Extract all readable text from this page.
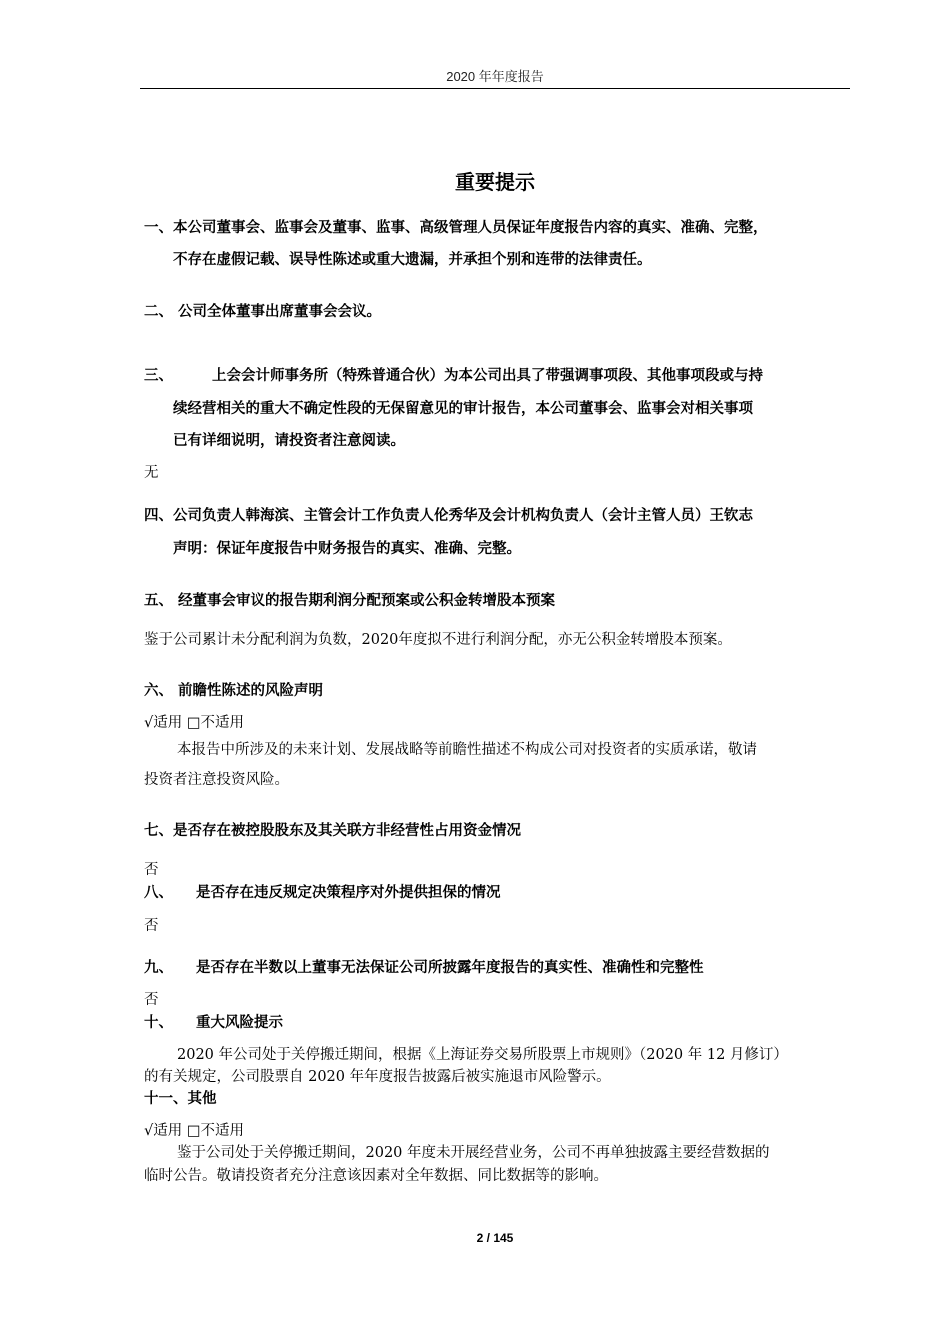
2020 年年度报告
重要提示
一、本公司董事会、监事会及董事、监事、高级管理人员保证年度报告内容的真实、准确、完整，
不存在虚假记载、误导性陈述或重大遗漏，并承担个别和连带的法律责任。
二、 公司全体董事出席董事会会议。
三、	上会会计师事务所（特殊普通合伙）为本公司出具了带强调事项段、其他事项段或与持
续经营相关的重大不确定性段的无保留意见的审计报告，本公司董事会、监事会对相关事项
已有详细说明，请投资者注意阅读。
无
四、公司负责人韩海滨、主管会计工作负责人伦秀华及会计机构负责人（会计主管人员）王钦志
声明：保证年度报告中财务报告的真实、准确、完整。
五、 经董事会审议的报告期利润分配预案或公积金转增股本预案
鉴于公司累计未分配利润为负数，2020年度拟不进行利润分配，亦无公积金转增股本预案。
六、 前瞻性陈述的风险声明
√适用 □不适用
本报告中所涉及的未来计划、发展战略等前瞻性描述不构成公司对投资者的实质承诺，敬请
投资者注意投资风险。
七、是否存在被控股股东及其关联方非经营性占用资金情况
否
八、 是否存在违反规定决策程序对外提供担保的情况
否
九、 是否存在半数以上董事无法保证公司所披露年度报告的真实性、准确性和完整性
否
十、 重大风险提示
2020 年公司处于关停搬迁期间，根据《上海证券交易所股票上市规则》（2020 年 12 月修订）
的有关规定，公司股票自 2020 年年度报告披露后被实施退市风险警示。
十一、其他
√适用 □不适用
鉴于公司处于关停搬迁期间，2020 年度未开展经营业务，公司不再单独披露主要经营数据的
临时公告。敬请投资者充分注意该因素对全年数据、同比数据等的影响。
2 / 145
